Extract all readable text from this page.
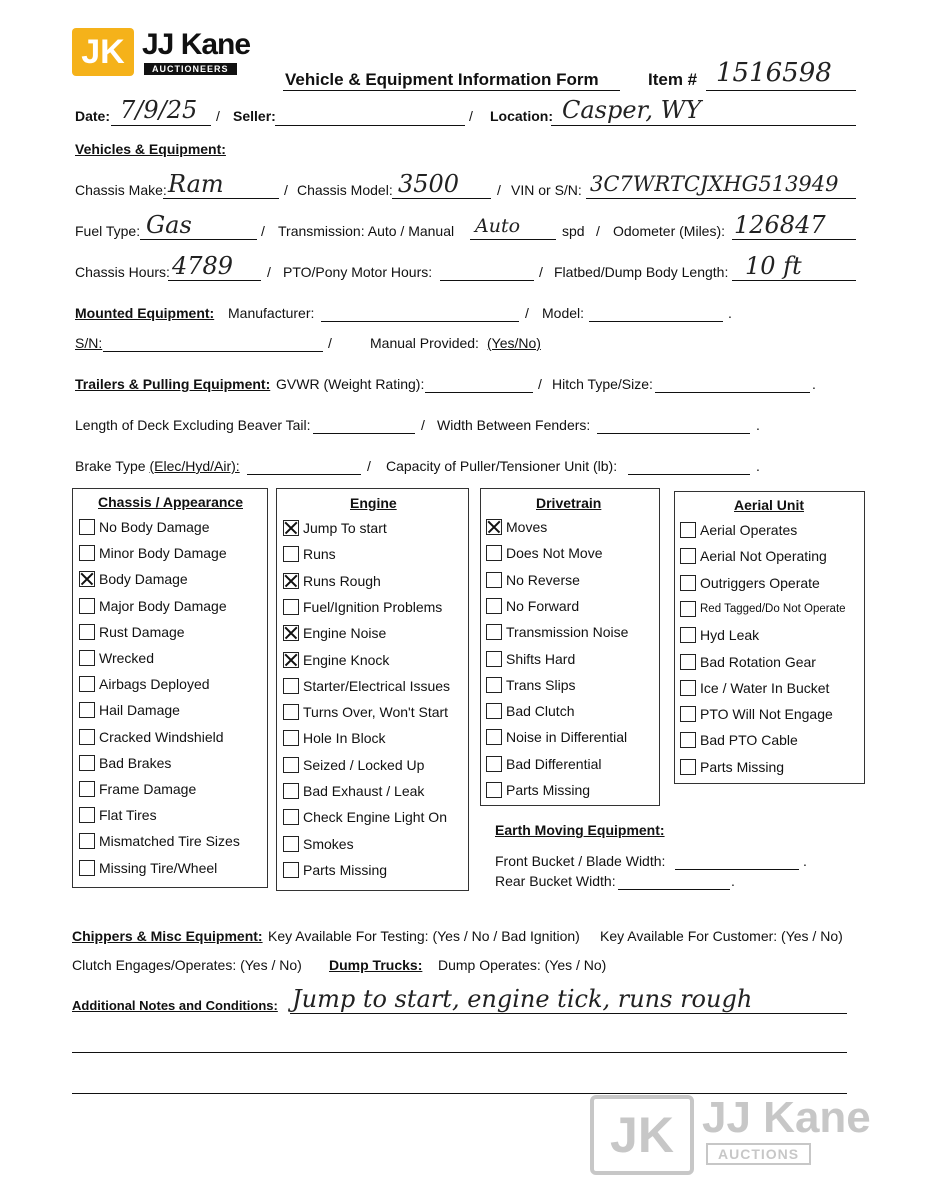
JK JJ Kane
AUCTIONEERS
Vehicle & Equipment Information Form	Item # 1516598
Date: 7/9/25 / Seller:	/ Location: Casper, WY
Vehicles & Equipment:
Chassis Make: Ram	/ Chassis Model: 3500	/ VIN or S/N: 3C7WRTCJXHG513949
Fuel Type: Gas	/ Transmission: Auto / Manual Auto	spd / Odometer (Miles): 126847
Chassis Hours: 4789 / PTO/Pony Motor Hours:	/ Flatbed/Dump Body Length: 10 ft
Mounted Equipment: Manufacturer:	/ Model:	.
S/N:	/	Manual Provided: (Yes/No)
Trailers & Pulling Equipment: GVWR (Weight Rating):	/ Hitch Type/Size:	.
Length of Deck Excluding Beaver Tail:	/ Width Between Fenders:	.
Brake Type (Elec/Hyd/Air):	/ Capacity of Puller/Tensioner Unit (lb):	.
Chassis / Appearance
No Body Damage
Minor Body Damage
Body Damage
Major Body Damage
Rust Damage
Wrecked
Airbags Deployed
Hail Damage
Cracked Windshield
Bad Brakes
Frame Damage
Flat Tires
Mismatched Tire Sizes
Missing Tire/Wheel
Engine
Jump To start
Runs
Runs Rough
Fuel/Ignition Problems
Engine Noise
Engine Knock
Starter/Electrical Issues
Turns Over, Won't Start
Hole In Block
Seized / Locked Up
Bad Exhaust / Leak
Check Engine Light On
Smokes
Parts Missing
Drivetrain
Moves
Does Not Move
No Reverse
No Forward
Transmission Noise
Shifts Hard
Trans Slips
Bad Clutch
Noise in Differential
Bad Differential
Parts Missing
Aerial Unit
Aerial Operates
Aerial Not Operating
Outriggers Operate
Red Tagged/Do Not Operate
Hyd Leak
Bad Rotation Gear
Ice / Water In Bucket
PTO Will Not Engage
Bad PTO Cable
Parts Missing
Earth Moving Equipment:
Front Bucket / Blade Width:	.
Rear Bucket Width:	.
Chippers & Misc Equipment: Key Available For Testing: (Yes / No / Bad Ignition) Key Available For Customer: (Yes / No)
Clutch Engages/Operates: (Yes / No) Dump Trucks: Dump Operates: (Yes / No)
Additional Notes and Conditions: Jump to start, engine tick, runs rough
JK JJ Kane
AUCTIONS
